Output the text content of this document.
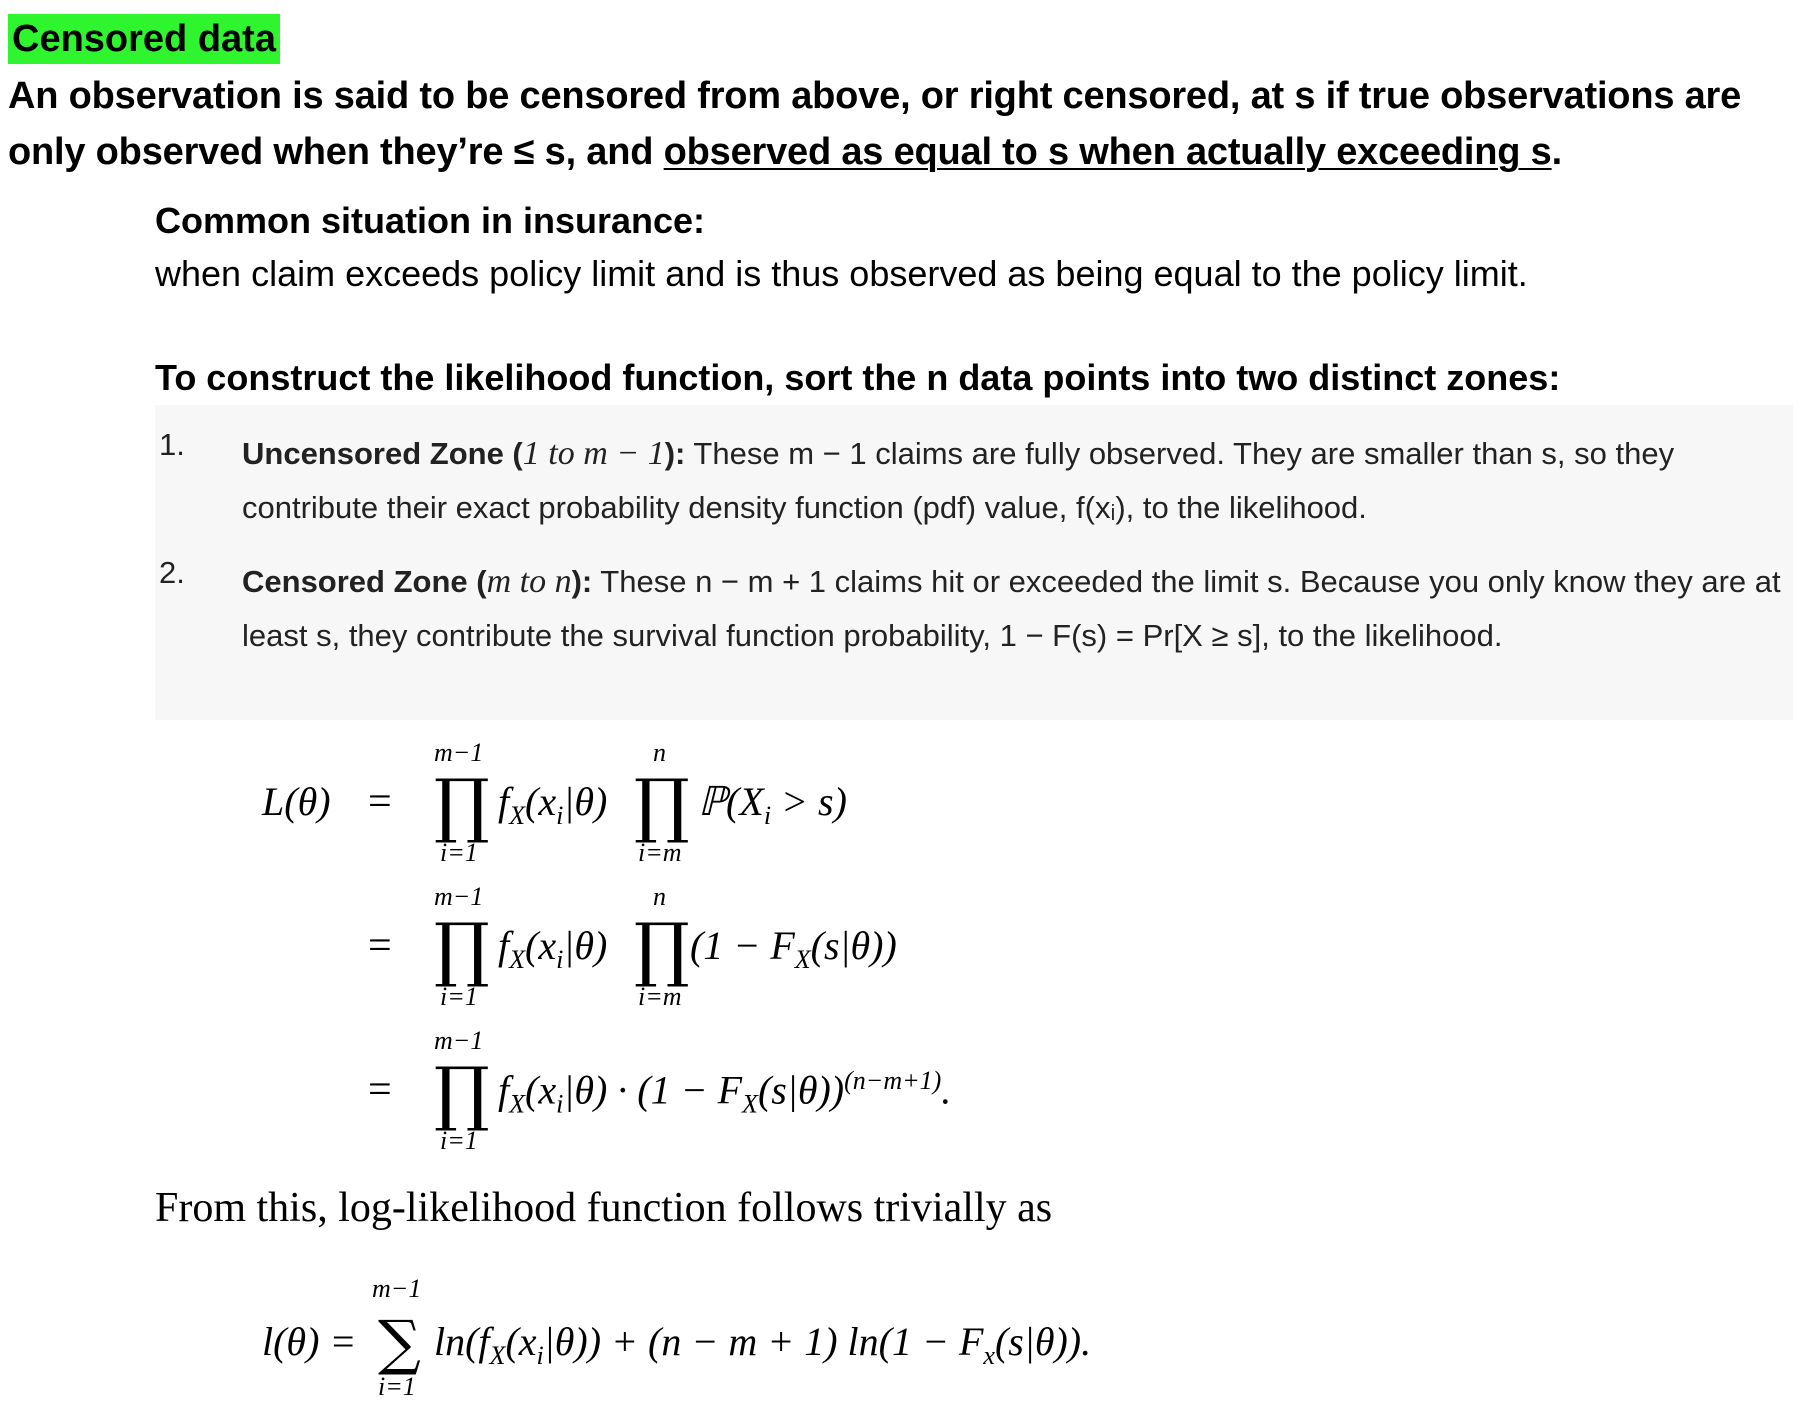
Censored data
An observation is said to be censored from above, or right censored, at s if true observations are only observed when they’re ≤ s, and observed as equal to s when actually exceeding s.
Common situation in insurance:
when claim exceeds policy limit and is thus observed as being equal to the policy limit.
To construct the likelihood function, sort the n data points into two distinct zones:
1. Uncensored Zone (1 to m − 1): These m − 1 claims are fully observed. They are smaller than s, so they contribute their exact probability density function (pdf) value, f(xᵢ), to the likelihood.
2. Censored Zone (m to n): These n − m + 1 claims hit or exceeded the limit s. Because you only know they are at least s, they contribute the survival function probability, 1 − F(s) = Pr[X ≥ s], to the likelihood.
L(θ) =
m−1
∏
i=1
$f_X(x_i|\theta)$
n
∏
i=m
$ℙ(X_i > s)$
=
m−1
∏
i=1
$f_X(x_i|\theta)$
n
∏
i=m
$(1 - F_X(s|\theta))$
=
m−1
∏
i=1
$f_X(x_i|\theta) \cdot (1 - F_X(s|\theta))^{(n-m+1)}$.
From this, log-likelihood function follows trivially as
l(θ) =
m−1
∑
i=1
$\ln(f_X(x_i|\theta)) + (n - m + 1) \ln(1 - F_x(s|\theta))$.
